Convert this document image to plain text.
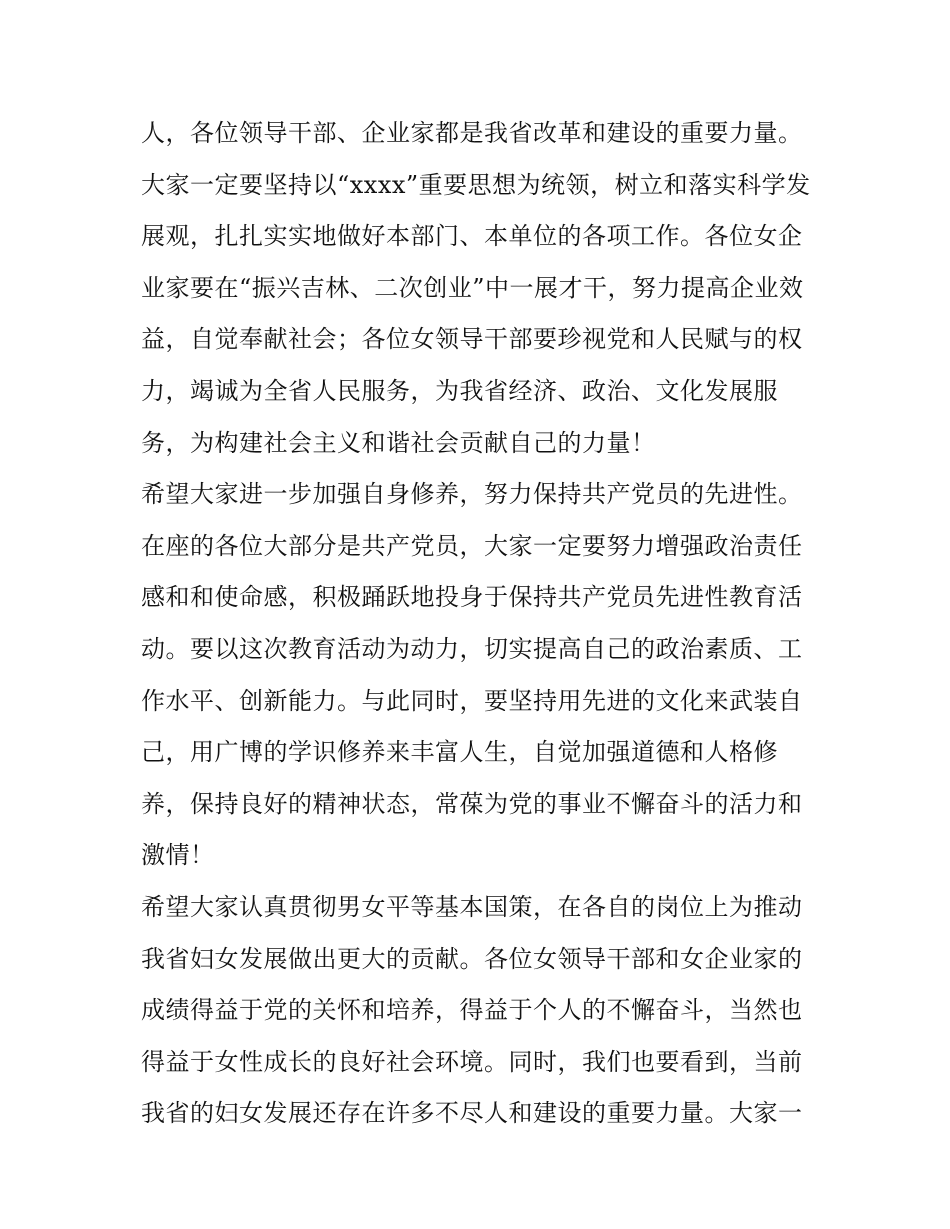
人，各位领导干部、企业家都是我省改革和建设的重要力量。
大家一定要坚持以“xxxx”重要思想为统领，树立和落实科学发
展观，扎扎实实地做好本部门、本单位的各项工作。各位女企
业家要在“振兴吉林、二次创业”中一展才干，努力提高企业效
益，自觉奉献社会；各位女领导干部要珍视党和人民赋与的权
力，竭诚为全省人民服务，为我省经济、政治、文化发展服
务，为构建社会主义和谐社会贡献自己的力量！
希望大家进一步加强自身修养，努力保持共产党员的先进性。
在座的各位大部分是共产党员，大家一定要努力增强政治责任
感和和使命感，积极踊跃地投身于保持共产党员先进性教育活
动。要以这次教育活动为动力，切实提高自己的政治素质、工
作水平、创新能力。与此同时，要坚持用先进的文化来武装自
己，用广博的学识修养来丰富人生，自觉加强道德和人格修
养，保持良好的精神状态，常葆为党的事业不懈奋斗的活力和
激情！
希望大家认真贯彻男女平等基本国策，在各自的岗位上为推动
我省妇女发展做出更大的贡献。各位女领导干部和女企业家的
成绩得益于党的关怀和培养，得益于个人的不懈奋斗，当然也
得益于女性成长的良好社会环境。同时，我们也要看到，当前
我省的妇女发展还存在许多不尽人和建设的重要力量。大家一
